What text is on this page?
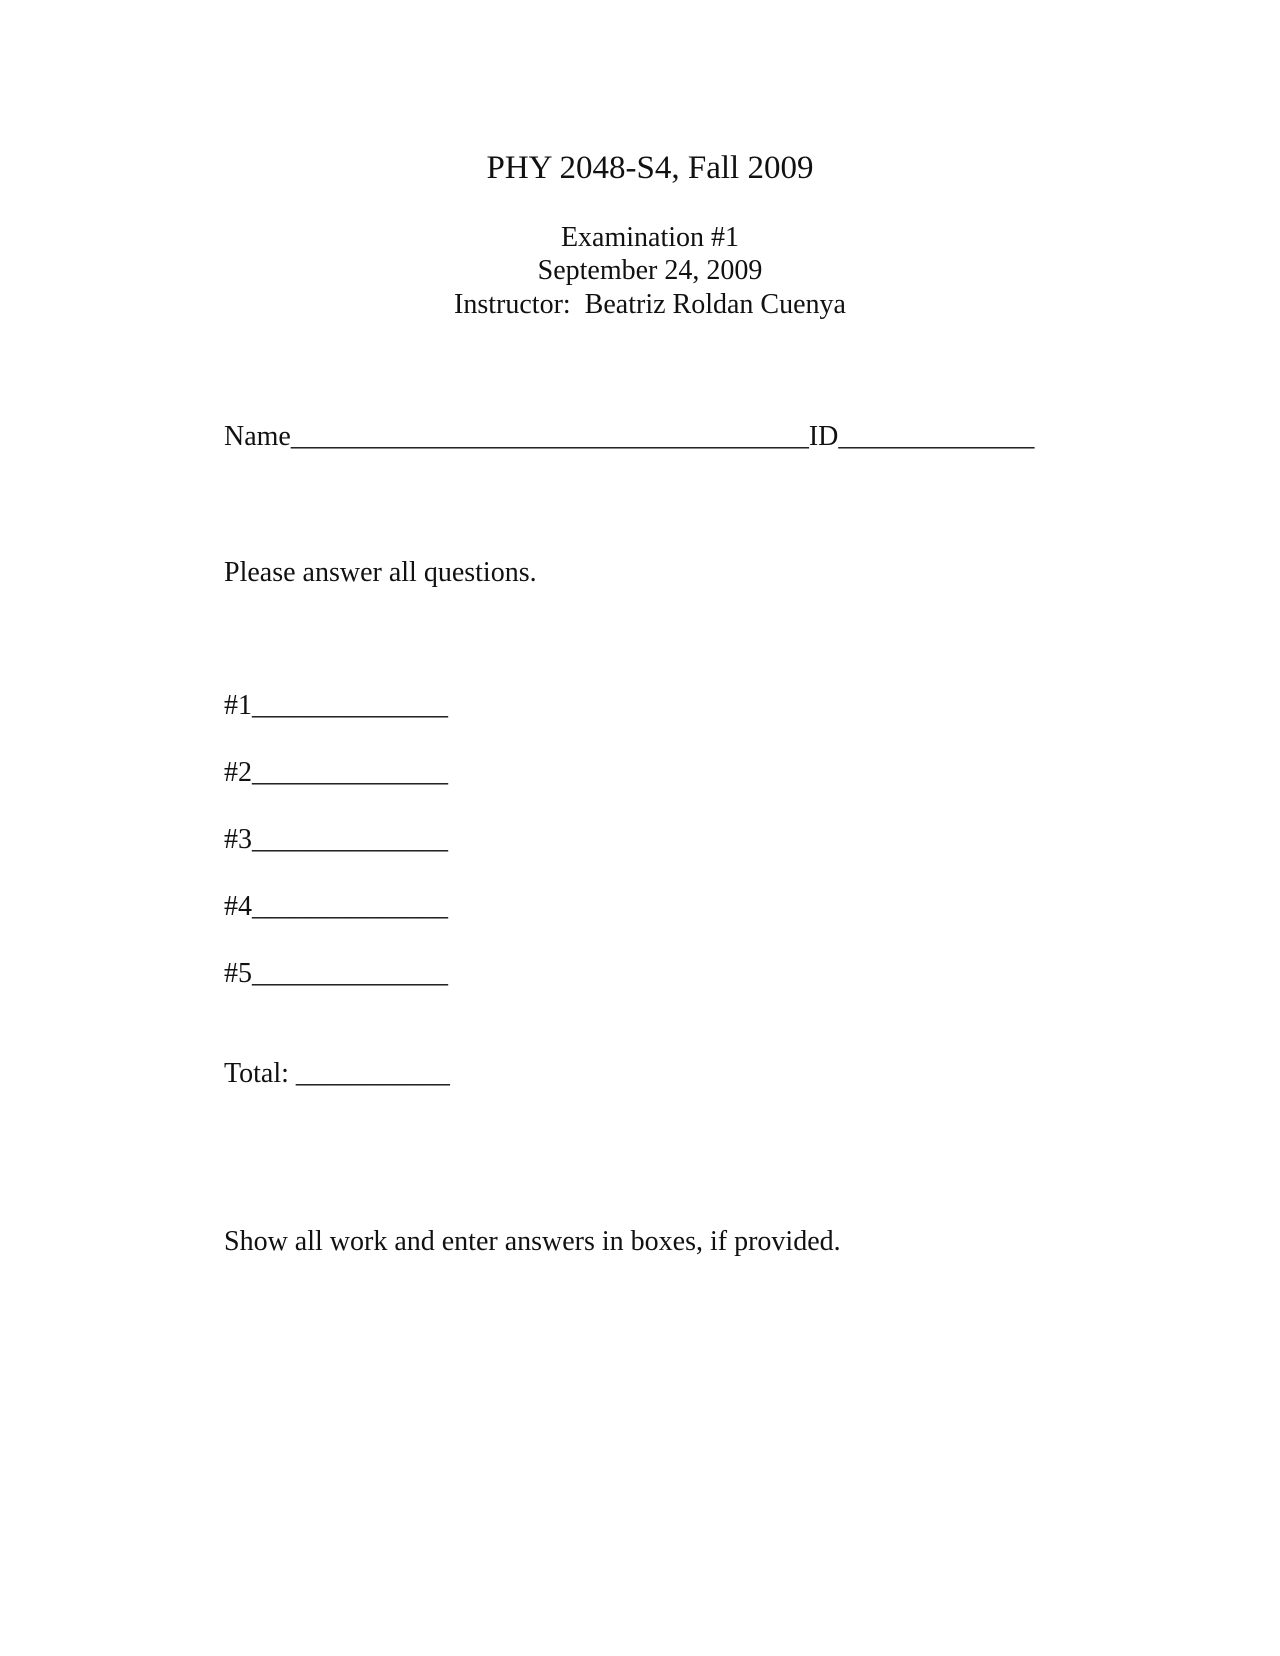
PHY 2048-S4, Fall 2009
Examination #1
September 24, 2009
Instructor:  Beatriz Roldan Cuenya
Name_____________________________________ID______________
Please answer all questions.
#1______________
#2______________
#3______________
#4______________
#5______________
Total: ___________
Show all work and enter answers in boxes, if provided.
